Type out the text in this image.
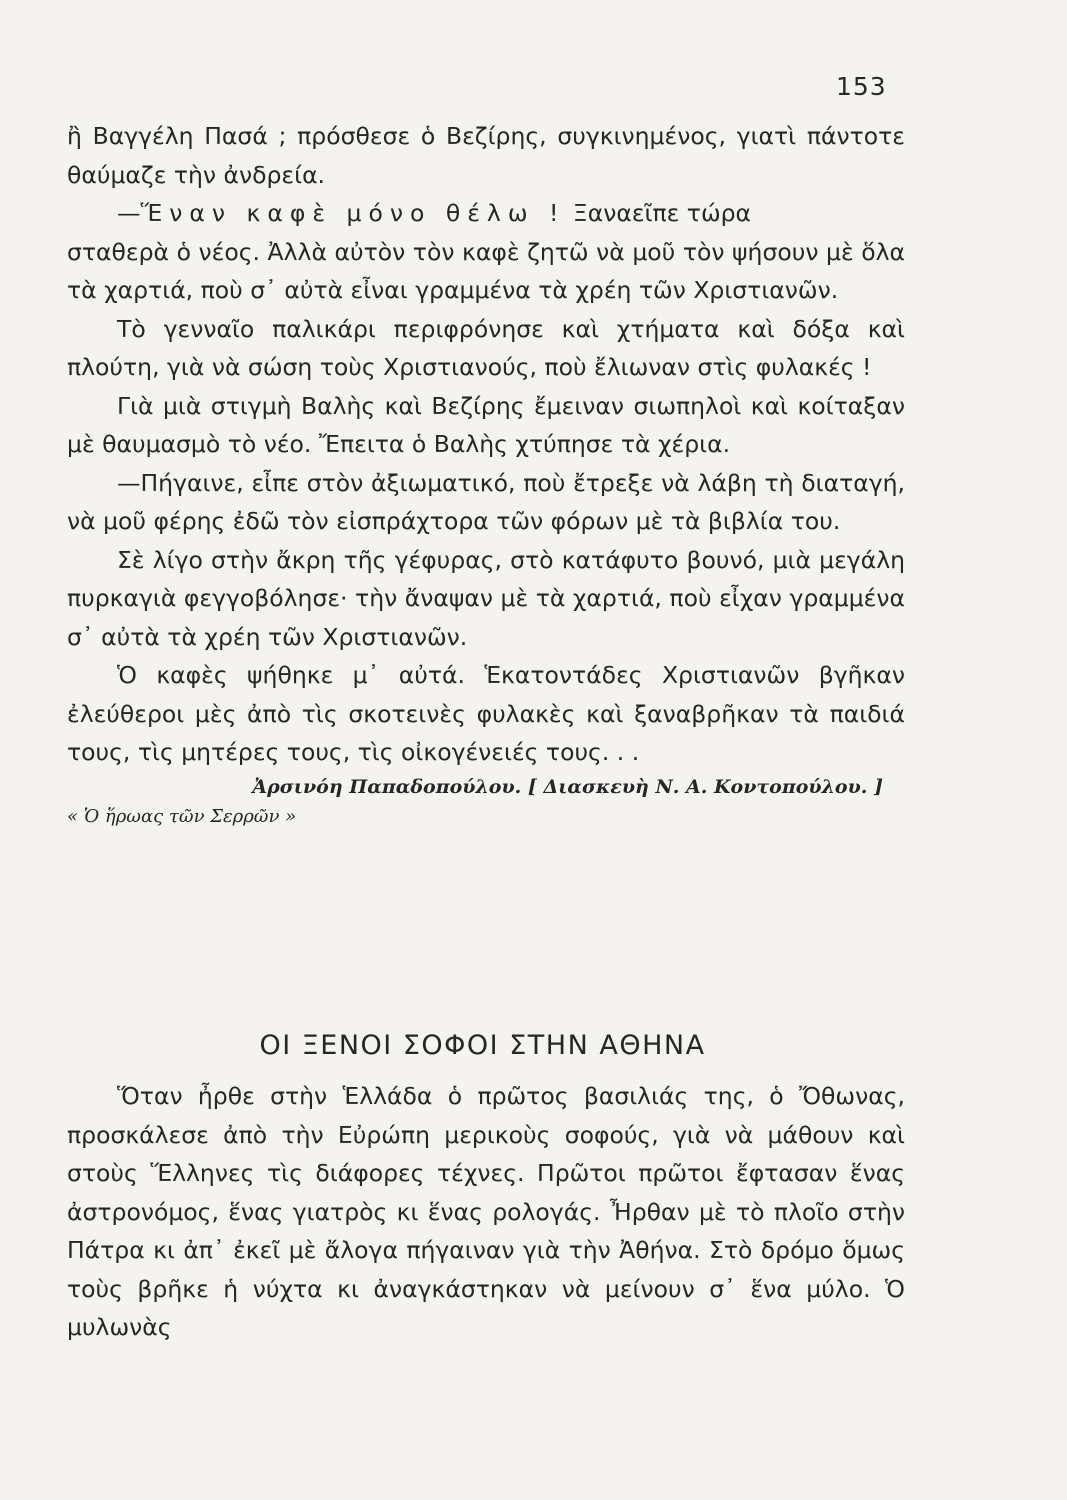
153

ἢ Βαγγέλη Πασά ; πρόσθεσε ὁ Βεζίρης, συγκινημένος, γιατὶ πάντοτε θαύμαζε τὴν ἀνδρεία.

—Ἕναν καφὲ μόνο θέλω ! Ξαναεῖπε τώρα

σταθερὰ ὁ νέος. Ἀλλὰ αὐτὸν τὸν καφὲ ζητῶ νὰ μοῦ τὸν ψήσουν μὲ ὅλα τὰ χαρτιά, ποὺ σ᾽ αὐτὰ εἶναι γραμμένα τὰ χρέη τῶν Χριστιανῶν.

Τὸ γενναῖο παλικάρι περιφρόνησε καὶ χτήματα καὶ δόξα καὶ πλούτη, γιὰ νὰ σώση τοὺς Χριστιανούς, ποὺ ἔλιωναν στὶς φυλακές !

Γιὰ μιὰ στιγμὴ Βαλὴς καὶ Βεζίρης ἔμειναν σιωπηλοὶ καὶ κοίταξαν μὲ θαυμασμὸ τὸ νέο. Ἔπειτα ὁ Βαλὴς χτύπησε τὰ χέρια.

—Πήγαινε, εἶπε στὸν ἀξιωματικό, ποὺ ἔτρεξε νὰ λάβη τὴ διαταγή, νὰ μοῦ φέρης ἐδῶ τὸν εἰσπράχτορα τῶν φόρων μὲ τὰ βιβλία του.

Σὲ λίγο στὴν ἄκρη τῆς γέφυρας, στὸ κατάφυτο βουνό, μιὰ μεγάλη πυρκαγιὰ φεγγοβόλησε· τὴν ἄναψαν μὲ τὰ χαρτιά, ποὺ εἶχαν γραμμένα σ᾽ αὐτὰ τὰ χρέη τῶν Χριστιανῶν.

Ὁ καφὲς ψήθηκε μ᾽ αὐτά. Ἑκατοντάδες Χριστιανῶν βγῆκαν ἐλεύθεροι μὲς ἀπὸ τὶς σκοτεινὲς φυλακὲς καὶ ξαναβρῆκαν τὰ παιδιά τους, τὶς μητέρες τους, τὶς οἰκογένειές τους. . .

Ἀρσινόη Παπαδοπούλου. [ Διασκευὴ Ν. Α. Κοντοπούλου. ]

« Ὁ ἥρωας τῶν Σερρῶν »

ΟΙ ΞΕΝΟΙ ΣΟΦΟΙ ΣΤΗΝ ΑΘΗΝΑ

Ὅταν ἦρθε στὴν Ἑλλάδα ὁ πρῶτος βασιλιάς της, ὁ Ὄθωνας, προσκάλεσε ἀπὸ τὴν Εὐρώπη μερικοὺς σοφούς, γιὰ νὰ μάθουν καὶ στοὺς Ἕλληνες τὶς διάφορες τέχνες. Πρῶτοι πρῶτοι ἔφτασαν ἕνας ἀστρονόμος, ἕνας γιατρὸς κι ἕνας ρολογάς. Ἦρθαν μὲ τὸ πλοῖο στὴν Πάτρα κι ἀπ᾽ ἐκεῖ μὲ ἄλογα πήγαιναν γιὰ τὴν Ἀθήνα. Στὸ δρόμο ὅμως τοὺς βρῆκε ἡ νύχτα κι ἀναγκάστηκαν νὰ μείνουν σ᾽ ἕνα μύλο. Ὁ μυλωνὰς
